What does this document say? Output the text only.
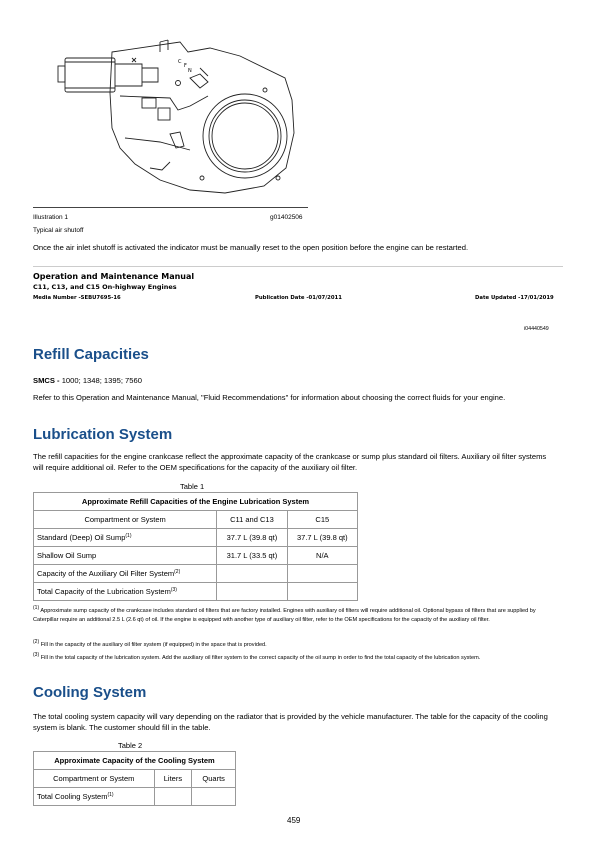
C
F
N
Illustration 1	g01402506
Typical air shutoff
Once the air inlet shutoff is activated the indicator must be manually reset to the open position before the engine can be restarted.
Operation and Maintenance Manual
C11, C13, and C15 On-highway Engines
Media Number -SEBU7695-16	Publication Date -01/07/2011	Date Updated -17/01/2019
i04440549
Refill Capacities
SMCS - 1000; 1348; 1395; 7560
Refer to this Operation and Maintenance Manual, "Fluid Recommendations" for information about choosing the correct fluids for your engine.
Lubrication System
The refill capacities for the engine crankcase reflect the approximate capacity of the crankcase or sump plus standard oil filters. Auxiliary oil filter systems will require additional oil. Refer to the OEM specifications for the capacity of the auxiliary oil filter.
Table 1
Approximate Refill Capacities of the Engine Lubrication System		
Compartment or System	C11 and C13	C15
Standard (Deep) Oil Sump$^{(1)}$	37.7 L (39.8 qt)	37.7 L (39.8 qt)
Shallow Oil Sump	31.7 L (33.5 qt)	N/A
Capacity of the Auxiliary Oil Filter System$^{(2)}$		
Total Capacity of the Lubrication System$^{(3)}$		
$^{(1)}$ Approximate sump capacity of the crankcase includes standard oil filters that are factory installed. Engines with auxiliary oil filters will require additional oil. Optional bypass oil filters that are supplied by Caterpillar require an additional 2.5 L (2.6 qt) of oil. If the engine is equipped with another type of auxiliary oil filter, refer to the OEM specifications for the capacity of the auxiliary oil filter.
$^{(2)}$ Fill in the capacity of the auxiliary oil filter system (if equipped) in the space that is provided.
$^{(3)}$ Fill in the total capacity of the lubrication system. Add the auxiliary oil filter system to the correct capacity of the oil sump in order to find the total capacity of the lubrication system.
Cooling System
The total cooling system capacity will vary depending on the radiator that is provided by the vehicle manufacturer. The table for the capacity of the cooling system is blank. The customer should fill in the table.
Table 2
Approximate Capacity of the Cooling System		
Compartment or System	Liters	Quarts
Total Cooling System$^{(1)}$		
459
